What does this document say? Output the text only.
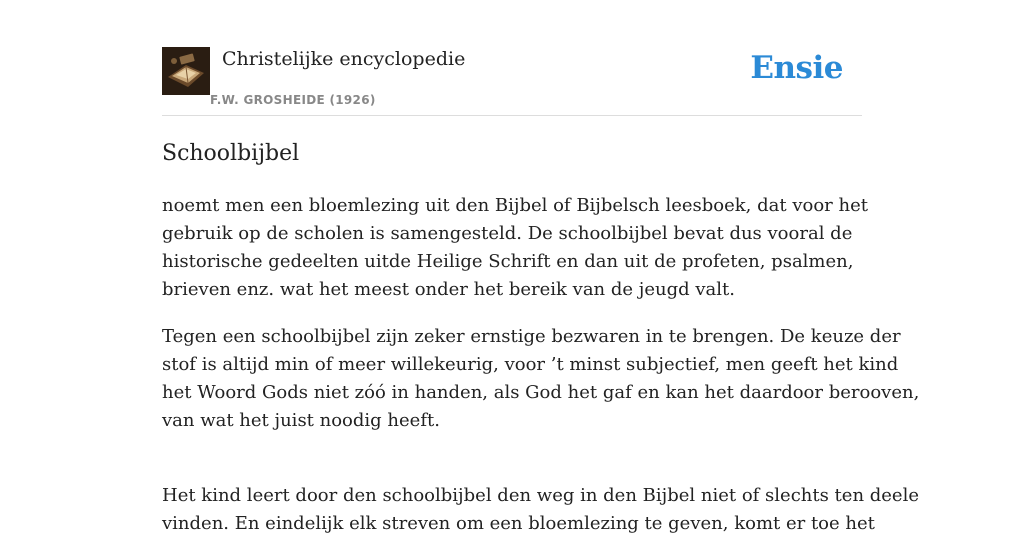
Christelijke encyclopedie
F.W. GROSHEIDE (1926)
Ensie
Schoolbijbel

noemt men een bloemlezing uit den Bijbel of Bijbelsch leesboek, dat voor het
gebruik op de scholen is samengesteld. De schoolbijbel bevat dus vooral de
historische gedeelten uitde Heilige Schrift en dan uit de profeten, psalmen,
brieven enz. wat het meest onder het bereik van de jeugd valt.

Tegen een schoolbijbel zijn zeker ernstige bezwaren in te brengen. De keuze der
stof is altijd min of meer willekeurig, voor ’t minst subjectief, men geeft het kind
het Woord Gods niet zóó in handen, als God het gaf en kan het daardoor berooven,
van wat het juist noodig heeft.

Het kind leert door den schoolbijbel den weg in den Bijbel niet of slechts ten deele
vinden. En eindelijk elk streven om een bloemlezing te geven, komt er toe het
